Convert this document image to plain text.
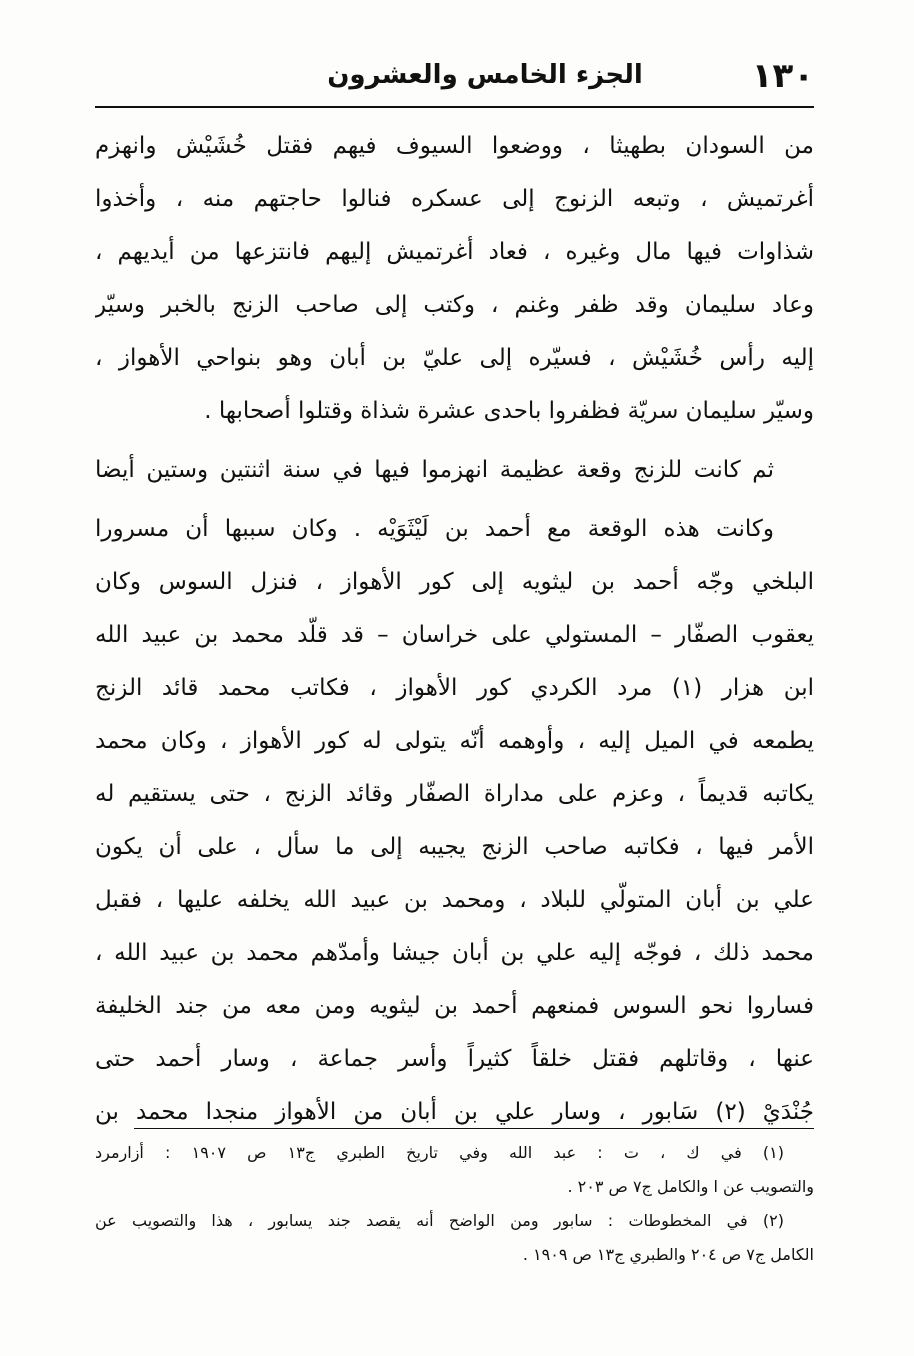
١٣٠
الجزء الخامس والعشرون
من السودان بطهيثا ، ووضعوا السيوف فيهم فقتل خُشَيْش وانهزم
أغرتميش ، وتبعه الزنوج إلى عسكره فنالوا حاجتهم منه ، وأخذوا
شذاوات فيها مال وغيره ، فعاد أغرتميش إليهم فانتزعها من أيديهم ،
وعاد سليمان وقد ظفر وغنم ، وكتب إلى صاحب الزنج بالخبر وسيّر
إليه رأس خُشَيْش ، فسيّره إلى عليّ بن أبان وهو بنواحي الأهواز ،
وسيّر سليمان سريّة فظفروا باحدى عشرة شذاة وقتلوا أصحابها .
ثم كانت للزنج وقعة عظيمة انهزموا فيها في سنة اثنتين وستين أيضا
وكانت هذه الوقعة مع أحمد بن لَيْثَوَيْه . وكان سببها أن مسرورا
البلخي وجّه أحمد بن ليثويه إلى كور الأهواز ، فنزل السوس وكان
يعقوب الصفّار – المستولي على خراسان – قد قلّد محمد بن عبيد الله
ابن هزار (١) مرد الكردي كور الأهواز ، فكاتب محمد قائد الزنج
يطمعه في الميل إليه ، وأوهمه أنّه يتولى له كور الأهواز ، وكان محمد
يكاتبه قديماً ، وعزم على مداراة الصفّار وقائد الزنج ، حتى يستقيم له
الأمر فيها ، فكاتبه صاحب الزنج يجيبه إلى ما سأل ، على أن يكون
علي بن أبان المتولّي للبلاد ، ومحمد بن عبيد الله يخلفه عليها ، فقبل
محمد ذلك ، فوجّه إليه علي بن أبان جيشا وأمدّهم محمد بن عبيد الله ،
فساروا نحو السوس فمنعهم أحمد بن ليثويه ومن معه من جند الخليفة
عنها ، وقاتلهم فقتل خلقاً كثيراً وأسر جماعة ، وسار أحمد حتى
جُنْدَيْ (٢) سَابور ، وسار علي بن أبان من الأهواز منجدا محمد بن
(١) في ك ، ت : عبد الله وفي تاريخ الطبري ج١٣ ص ١٩٠٧ : أزارمرد
والتصويب عن ا والكامل ج٧ ص ٢٠٣ .
(٢) في المخطوطات : سابور ومن الواضح أنه يقصد جند يسابور ، هذا والتصويب عن
الكامل ج٧ ص ٢٠٤ والطبري ج١٣ ص ١٩٠٩ .
